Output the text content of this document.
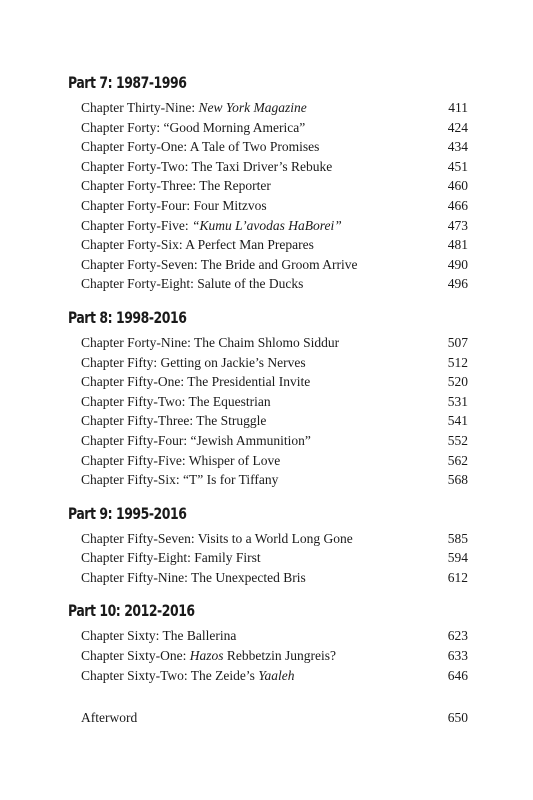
Part 7: 1987-1996
Chapter Thirty-Nine: New York Magazine	411
Chapter Forty: “Good Morning America”	424
Chapter Forty-One: A Tale of Two Promises	434
Chapter Forty-Two: The Taxi Driver’s Rebuke	451
Chapter Forty-Three: The Reporter	460
Chapter Forty-Four: Four Mitzvos	466
Chapter Forty-Five: “Kumu L’avodas HaBorei”	473
Chapter Forty-Six: A Perfect Man Prepares	481
Chapter Forty-Seven: The Bride and Groom Arrive	490
Chapter Forty-Eight: Salute of the Ducks	496
Part 8: 1998-2016
Chapter Forty-Nine: The Chaim Shlomo Siddur	507
Chapter Fifty: Getting on Jackie’s Nerves	512
Chapter Fifty-One: The Presidential Invite	520
Chapter Fifty-Two: The Equestrian	531
Chapter Fifty-Three: The Struggle	541
Chapter Fifty-Four: “Jewish Ammunition”	552
Chapter Fifty-Five: Whisper of Love	562
Chapter Fifty-Six: “T” Is for Tiffany	568
Part 9: 1995-2016
Chapter Fifty-Seven: Visits to a World Long Gone	585
Chapter Fifty-Eight: Family First	594
Chapter Fifty-Nine: The Unexpected Bris	612
Part 10: 2012-2016
Chapter Sixty: The Ballerina	623
Chapter Sixty-One: Hazos Rebbetzin Jungreis?	633
Chapter Sixty-Two: The Zeide’s Yaaleh	646
Afterword	650
